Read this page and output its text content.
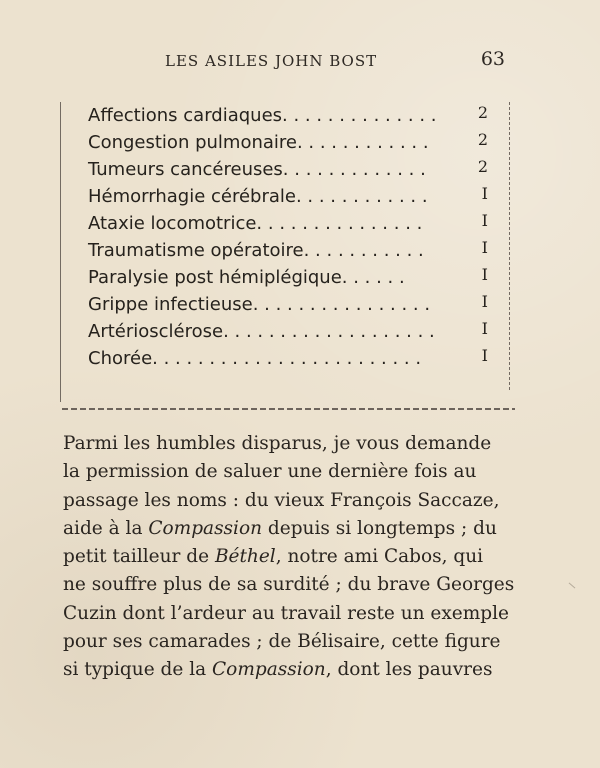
LES ASILES JOHN BOST	63
Affections cardiaques. . . . . . . . . . . . . .	2
Congestion pulmonaire. . . . . . . . . . . .	2
Tumeurs cancéreuses. . . . . . . . . . . . .	2
Hémorrhagie cérébrale. . . . . . . . . . . .	I
Ataxie locomotrice. . . . . . . . . . . . . . .	I
Traumatisme opératoire. . . . . . . . . . .	I
Paralysie post hémiplégique. . . . . .	I
Grippe infectieuse. . . . . . . . . . . . . . . .	I
Artériosclérose. . . . . . . . . . . . . . . . . . .	I
Chorée. . . . . . . . . . . . . . . . . . . . . . . .	I
Parmi les humbles disparus, je vous demande
la permission de saluer une dernière fois au
passage les noms : du vieux François Saccaze,
aide à la Compassion depuis si longtemps ; du
petit tailleur de Béthel, notre ami Cabos, qui
ne souffre plus de sa surdité ; du brave Georges
Cuzin dont l’ardeur au travail reste un exemple
pour ses camarades ; de Bélisaire, cette figure
si typique de la Compassion, dont les pauvres
